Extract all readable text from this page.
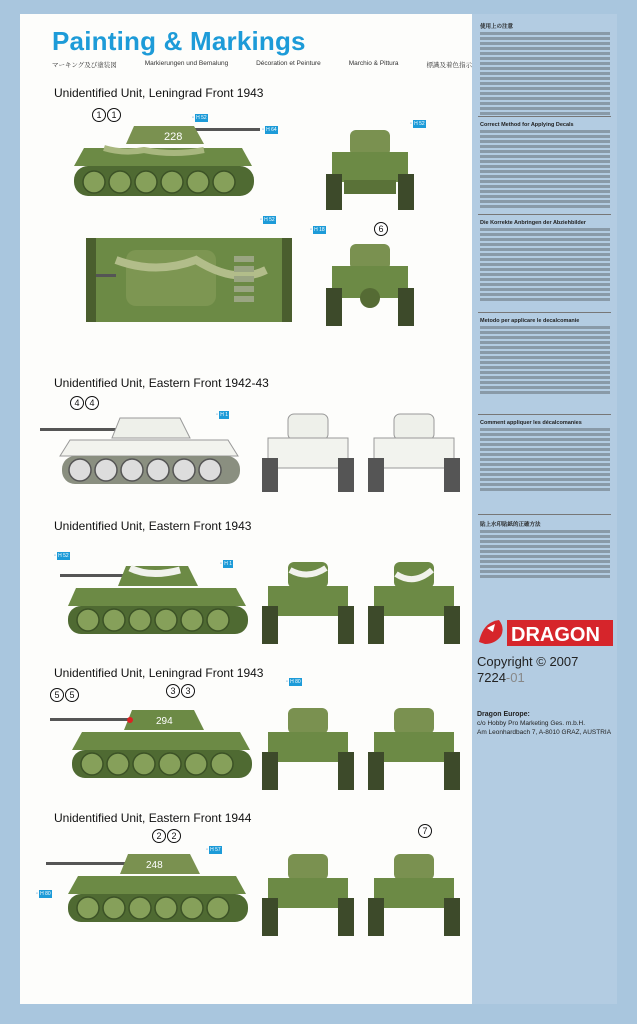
Painting & Markings
マーキング及び塗装図	Markierungen und Bemalung	Décoration et Peinture	Marchio & Pittura	標識及着色指示
Unidentified Unit, Leningrad Front 1943
1 1	◦ H 52
◦ H 64
◦ H 52
◦ H 18
◦ H 52
228
6
Unidentified Unit, Eastern Front 1942-43
4 4
◦ H 1
Unidentified Unit, Eastern Front 1943
◦ H 52
◦ H 1
Unidentified Unit, Leningrad Front 1943
5 5	3 3
◦ H 80
294
Unidentified Unit, Eastern Front 1944
2 2	7
◦ H 57
◦ H 80
248
使用上の注意
Correct Method for Applying Decals
Die Korrekte Anbringen der Abziehbilder
Metodo per applicare le decalcomanie
Comment appliquer les décalcomanies
貼上水印貼紙的正確方法
DRAGON
Copyright © 2007
7224-01
Dragon Europe:
c/o Hobby Pro Marketing Ges. m.b.H.
Am Leonhardbach 7, A-8010 GRAZ, AUSTRIA
